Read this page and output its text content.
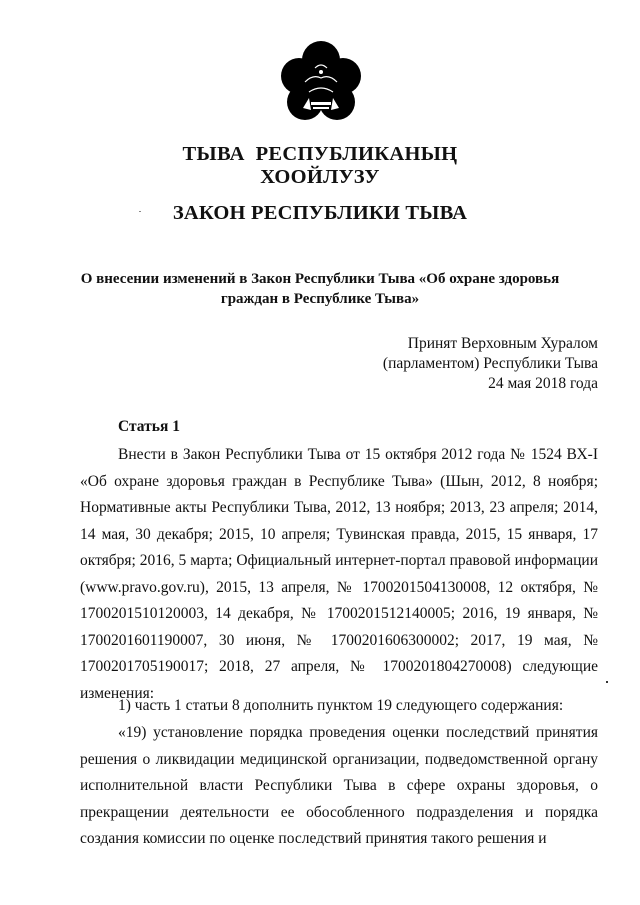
ТЫВА  РЕСПУБЛИКАНЫҢ
ХООЙЛУЗУ
ЗАКОН РЕСПУБЛИКИ ТЫВА
О внесении изменений в Закон Республики Тыва «Об охране здоровья
граждан в Республике Тыва»
Принят Верховным Хуралом
(парламентом) Республики Тыва
24 мая 2018 года
Статья 1

Внести в Закон Республики Тыва от 15 октября 2012 года № 1524 ВХ-I «Об охране здоровья граждан в Республике Тыва» (Шын, 2012, 8 ноября; Нормативные акты Республики Тыва, 2012, 13 ноября; 2013, 23 апреля; 2014, 14 мая, 30 декабря; 2015, 10 апреля; Тувинская правда, 2015, 15 января, 17 октября; 2016, 5 марта; Официальный интернет-портал правовой информации (www.pravo.gov.ru), 2015, 13 апреля, № 1700201504130008, 12 октября, № 1700201510120003, 14 декабря, № 1700201512140005; 2016, 19 января, № 1700201601190007, 30 июня, № 1700201606300002; 2017, 19 мая, № 1700201705190017; 2018, 27 апреля, № 1700201804270008) следующие изменения:

1) часть 1 статьи 8 дополнить пунктом 19 следующего содержания:

«19) установление порядка проведения оценки последствий принятия решения о ликвидации медицинской организации, подведомственной органу исполнительной власти Республики Тыва в сфере охраны здоровья, о прекращении деятельности ее обособленного подразделения и порядка создания комиссии по оценке последствий принятия такого решения и
